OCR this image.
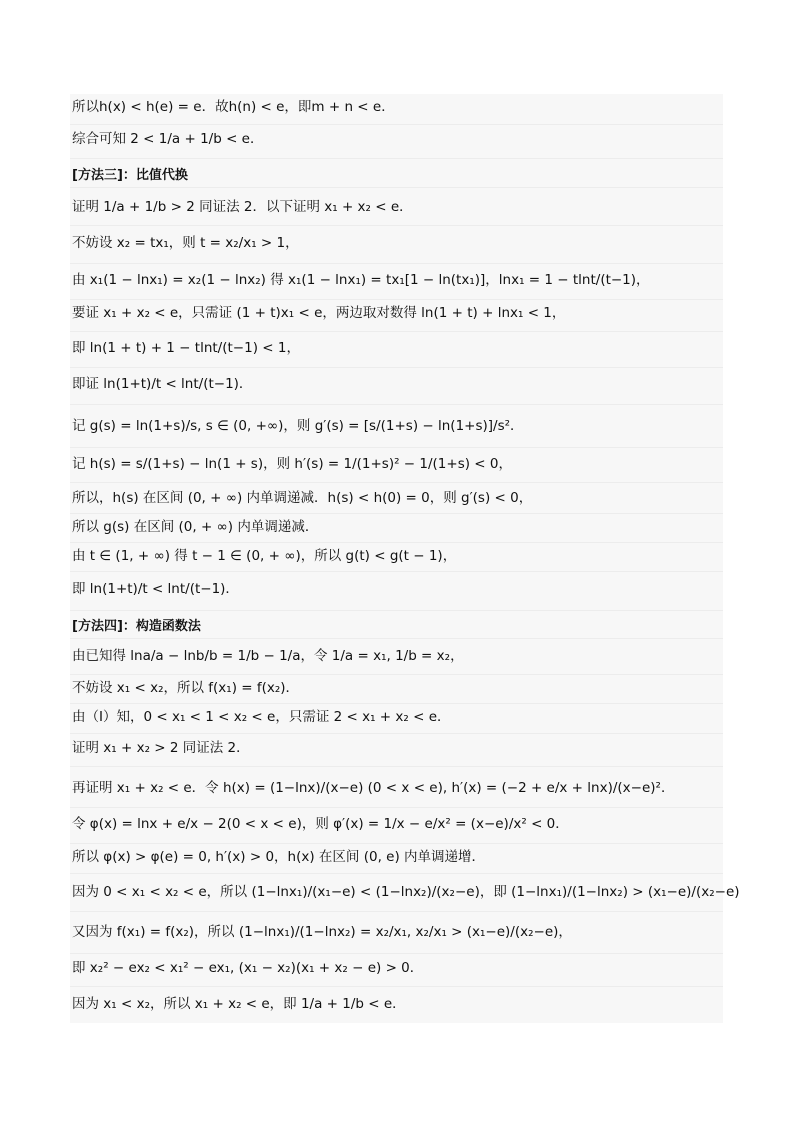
所以h(x) < h(e) = e．故h(n) < e，即m + n < e．
综合可知 2 < 1/a + 1/b < e．
[方法三]：比值代换
证明 1/a + 1/b > 2 同证法 2．以下证明 x₁ + x₂ < e．
不妨设 x₂ = tx₁，则 t = x₂/x₁ > 1，
由 x₁(1 − lnx₁) = x₂(1 − lnx₂) 得 x₁(1 − lnx₁) = tx₁[1 − ln(tx₁)]，lnx₁ = 1 − tlnt/(t−1)，
要证 x₁ + x₂ < e，只需证 (1 + t)x₁ < e，两边取对数得 ln(1 + t) + lnx₁ < 1，
即 ln(1 + t) + 1 − tlnt/(t−1) < 1，
即证 ln(1+t)/t < lnt/(t−1)．
记 g(s) = ln(1+s)/s, s ∈ (0, +∞)，则 g′(s) = [s/(1+s) − ln(1+s)]/s²．
记 h(s) = s/(1+s) − ln(1 + s)，则 h′(s) = 1/(1+s)² − 1/(1+s) < 0，
所以，h(s) 在区间 (0, + ∞) 内单调递减．h(s) < h(0) = 0，则 g′(s) < 0，
所以 g(s) 在区间 (0, + ∞) 内单调递减．
由 t ∈ (1, + ∞) 得 t − 1 ∈ (0, + ∞)，所以 g(t) < g(t − 1)，
即 ln(1+t)/t < lnt/(t−1)．
[方法四]：构造函数法
由已知得 lna/a − lnb/b = 1/b − 1/a，令 1/a = x₁, 1/b = x₂，
不妨设 x₁ < x₂，所以 f(x₁) = f(x₂)．
由（Ⅰ）知，0 < x₁ < 1 < x₂ < e，只需证 2 < x₁ + x₂ < e．
证明 x₁ + x₂ > 2 同证法 2．
再证明 x₁ + x₂ < e．令 h(x) = (1−lnx)/(x−e) (0 < x < e), h′(x) = (−2 + e/x + lnx)/(x−e)²．
令 φ(x) = lnx + e/x − 2(0 < x < e)，则 φ′(x) = 1/x − e/x² = (x−e)/x² < 0．
所以 φ(x) > φ(e) = 0, h′(x) > 0，h(x) 在区间 (0, e) 内单调递增．
因为 0 < x₁ < x₂ < e，所以 (1−lnx₁)/(x₁−e) < (1−lnx₂)/(x₂−e)，即 (1−lnx₁)/(1−lnx₂) > (x₁−e)/(x₂−e)
又因为 f(x₁) = f(x₂)，所以 (1−lnx₁)/(1−lnx₂) = x₂/x₁, x₂/x₁ > (x₁−e)/(x₂−e)，
即 x₂² − ex₂ < x₁² − ex₁, (x₁ − x₂)(x₁ + x₂ − e) > 0．
因为 x₁ < x₂，所以 x₁ + x₂ < e，即 1/a + 1/b < e．
